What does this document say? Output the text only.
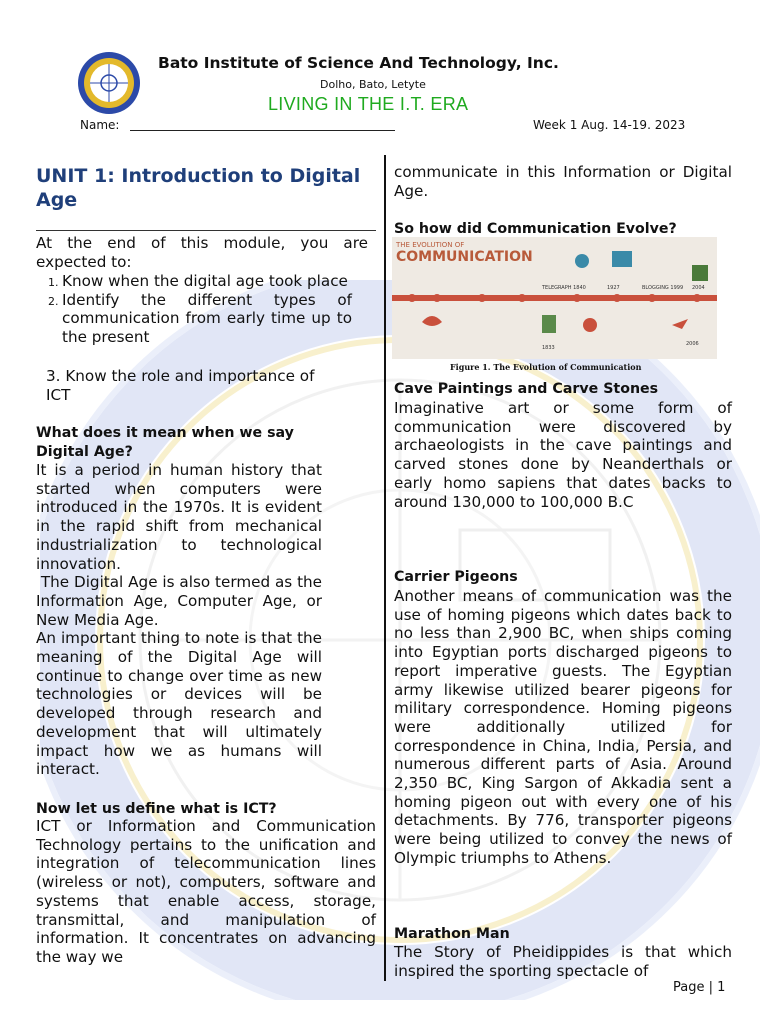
Bato Institute of Science And Technology, Inc.
Dolho, Bato, Letyte
LIVING IN THE I.T. ERA
Name:	Week 1 Aug. 14-19. 2023
UNIT 1: Introduction to Digital Age
At the end of this module, you are expected to:
1. Know when the digital age took place
2. Identify the different types of communication from early time up to the present
3. Know the role and importance of ICT
What does it mean when we say Digital Age?
It is a period in human history that started when computers were introduced in the 1970s. It is evident in the rapid shift from mechanical industrialization to technological innovation.
The Digital Age is also termed as the Information Age, Computer Age, or New Media Age.
An important thing to note is that the meaning of the Digital Age will continue to change over time as new technologies or devices will be developed through research and development that will ultimately impact how we as humans will interact.
Now let us define what is ICT?
ICT or Information and Communication Technology pertains to the unification and integration of telecommunication lines (wireless or not), computers, software and systems that enable access, storage, transmittal, and manipulation of information. It concentrates on advancing the way we
communicate in this Information or Digital Age.
So how did Communication Evolve?
THE EVOLUTION OF
COMMUNICATION
TELEGRAPH 1840	1927	BLOGGING 1999
1833
2004
2006
Figure 1. The Evolution of Communication
Cave Paintings and Carve Stones
Imaginative art or some form of communication were discovered by archaeologists in the cave paintings and carved stones done by Neanderthals or early homo sapiens that dates backs to around 130,000 to 100,000 B.C
Carrier Pigeons
Another means of communication was the use of homing pigeons which dates back to no less than 2,900 BC, when ships coming into Egyptian ports discharged pigeons to report imperative guests. The Egyptian army likewise utilized bearer pigeons for military correspondence. Homing pigeons were additionally utilized for correspondence in China, India, Persia, and numerous different parts of Asia. Around 2,350 BC, King Sargon of Akkadia sent a homing pigeon out with every one of his detachments. By 776, transporter pigeons were being utilized to convey the news of Olympic triumphs to Athens.
Marathon Man
The Story of Pheidippides is that which inspired the sporting spectacle of
Page | 1
